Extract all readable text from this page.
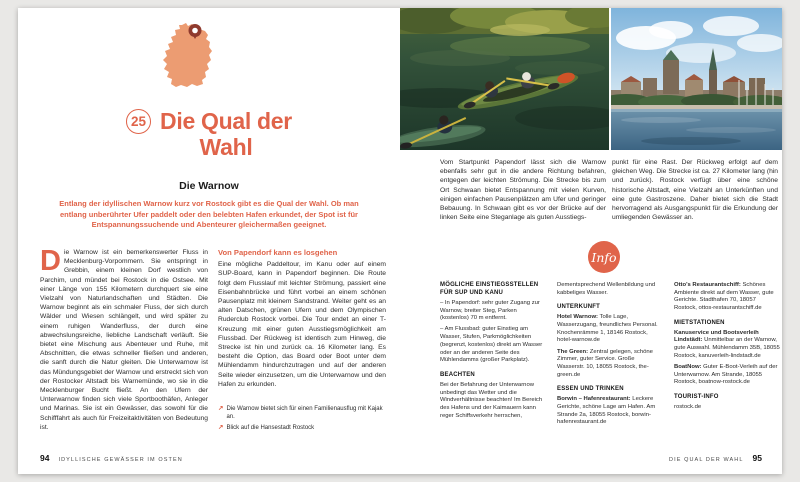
25 Die Qual der
Wahl
Die Warnow
Entlang der idyllischen Warnow kurz vor Rostock gibt es die Qual der Wahl. Ob man entlang unberührter Ufer paddelt oder den belebten Hafen erkundet, der Spot ist für Entspannungssuchende und Abenteurer gleichermaßen geeignet.
Die Warnow ist ein bemerkenswerter Fluss in Mecklenburg-Vorpommern. Sie entspringt in Grebbin, einem kleinen Dorf westlich von Parchim, und mündet bei Rostock in die Ostsee. Mit einer Länge von 155 Kilometern durchquert sie eine Vielzahl von Naturlandschaften und Städten. Die Warnow beginnt als ein schmaler Fluss, der sich durch Wälder und Wiesen schlängelt, und wird später zu einem ruhigen Wanderfluss, der durch eine abwechslungsreiche, liebliche Landschaft verläuft. Sie bietet eine Mischung aus Abenteuer und Ruhe, mit Abschnitten, die etwas schneller fließen und anderen, die sanft durch die Natur gleiten. Die Unterwarnow ist das Mündungsgebiet der Warnow und erstreckt sich von der Rostocker Altstadt bis Warnemünde, wo sie in die Mecklenburger Bucht fließt. An den Ufern der Unterwarnow finden sich viele Sportboothäfen, Anleger und Marinas. Sie ist ein Gewässer, das sowohl für die Schifffahrt als auch für Freizeitaktivitäten von Bedeutung ist.
Von Papendorf kann es losgehen
Eine mögliche Paddeltour, im Kanu oder auf einem SUP-Board, kann in Papendorf beginnen. Die Route folgt dem Flusslauf mit leichter Strömung, passiert eine Eisenbahnbrücke und führt vorbei an einem schönen Pausenplatz mit kleinem Sandstrand. Weiter geht es an alten Datschen, grünen Ufern und dem Olympischen Ruderclub Rostock vorbei. Die Tour endet an einer T-Kreuzung mit einer guten Ausstiegsmöglichkeit am Flussbad. Der Rückweg ist identisch zum Hinweg, die Strecke ist hin und zurück ca. 16 Kilometer lang. Es besteht die Option, das Board oder Boot unter dem Mühlendamm hindurchzutragen und auf der anderen Seite wieder einzusetzen, um die Unterwarnow und den Hafen zu erkunden.
↗ Die Warnow bietet sich für einen Familienausflug mit Kajak an.
↗ Blick auf die Hansestadt Rostock
94 IDYLLISCHE GEWÄSSER IM OSTEN
Vom Startpunkt Papendorf lässt sich die Warnow ebenfalls sehr gut in die andere Richtung befahren, entgegen der leichten Strömung. Die Strecke bis zum Ort Schwaan bietet Entspannung mit vielen Kurven, einigen einfachen Pausenplätzen am Ufer und geringer Bebauung. In Schwaan gibt es vor der Brücke auf der linken Seite eine Steganlage als guten Ausstiegs-
punkt für eine Rast. Der Rückweg erfolgt auf dem gleichen Weg. Die Strecke ist ca. 27 Kilometer lang (hin und zurück). Rostock verfügt über eine schöne historische Altstadt, eine Vielzahl an Unterkünften und eine gute Gastroszene. Daher bietet sich die Stadt hervorragend als Ausgangspunkt für die Erkundung der umliegenden Gewässer an.
Info
MÖGLICHE EINSTIEGSSTELLEN FÜR SUP UND KANU

– In Papendorf: sehr guter Zugang zur Warnow, breiter Steg, Parken (kostenlos) 70 m entfernt.

– Am Flussbad: guter Einstieg am Wasser, Stufen, Parkmöglichkeiten (begrenzt, kostenlos) direkt am Wasser oder an der anderen Seite des Mühlendamms (großer Parkplatz).

BEACHTEN

Bei der Befahrung der Unterwarnow unbedingt das Wetter und die Windverhältnisse beachten! Im Bereich des Hafens und der Kaimauern kann reger Schiffsverkehr herrschen,

Dementsprechend Wellenbildung und kabbeliges Wasser.

UNTERKUNFT

Hotel Warnow: Tolle Lage, Wasserzugang, freundliches Personal. Knochenrämme 1, 18146 Rostock, hotel-warnow.de

The Green: Zentral gelegen, schöne Zimmer, guter Service. Große Wasserstr. 10, 18055 Rostock, the-green.de

ESSEN UND TRINKEN

Borwin – Hafenrestaurant: Leckere Gerichte, schöne Lage am Hafen. Am Strande 2a, 18055 Rostock, borwin-hafenrestaurant.de

Otto's Restaurantschiff: Schönes Ambiente direkt auf dem Wasser, gute Gerichte. Stadthafen 70, 18057 Rostock, ottos-restaurantschiff.de

MIETSTATIONEN

Kanuservice und Bootsverleih Lindstädt: Unmittelbar an der Warnow, gute Auswahl. Mühlendamm 35B, 18055 Rostock, kanuverleih-lindstadt.de

BoatNow: Guter E-Boot-Verleih auf der Unterwarnow. Am Strande, 18055 Rostock, boatnow-rostock.de

TOURIST-INFO

rostock.de

DIE QUAL DER WAHL 95
